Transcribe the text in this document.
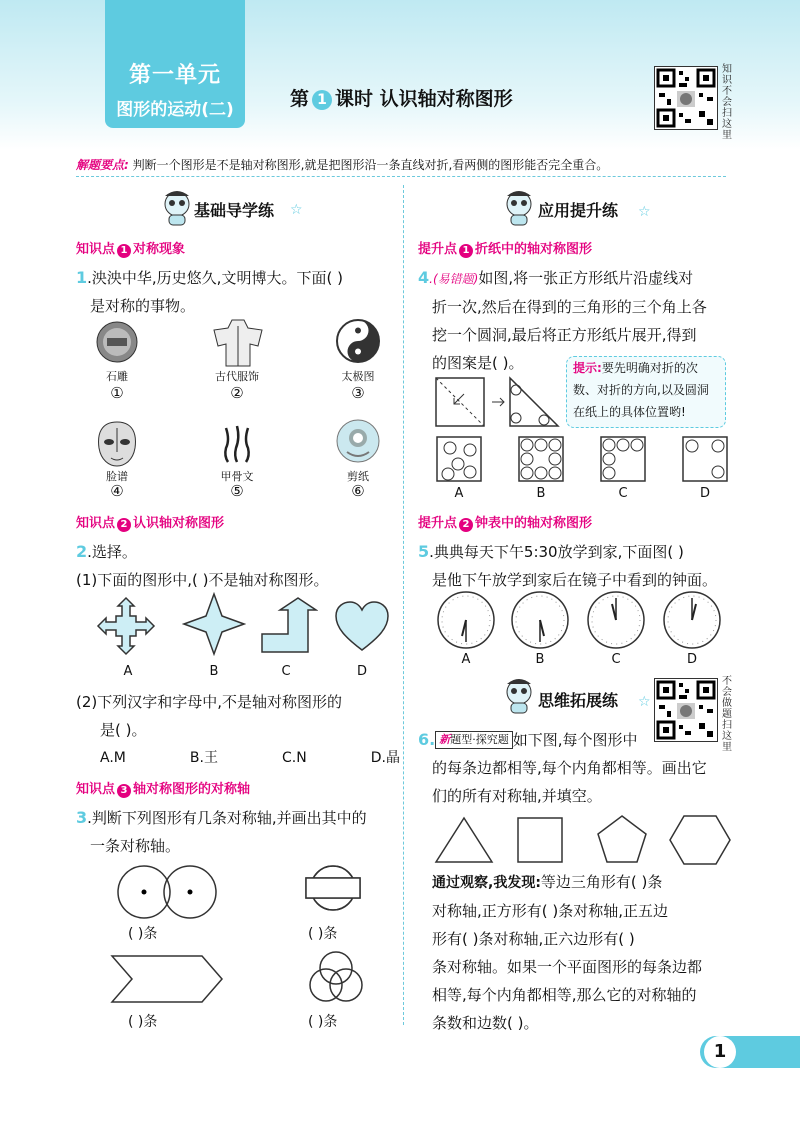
第一单元
图形的运动(二)	第 1 课时 认识轴对称图形
知识不会扫这里
解题要点: 判断一个图形是不是轴对称图形,就是把图形沿一条直线对折,看两侧的图形能否完全重合。
基础导学练 ☆
知识点 1 对称现象
1.泱泱中华,历史悠久,文明博大。下面( )
是对称的事物。
石雕	古代服饰	太极图
①	②	③
脸谱	甲骨文	剪纸
④	⑤	⑥
知识点 2 认识轴对称图形
2.选择。
(1)下面的图形中,( )不是轴对称图形。
A	B	C	D
(2)下列汉字和字母中,不是轴对称图形的
是( )。
A.M	B.王	C.N	D.晶
知识点 3 轴对称图形的对称轴
3.判断下列图形有几条对称轴,并画出其中的
一条对称轴。
( )条	( )条
( )条	( )条
应用提升练 ☆
提升点 1 折纸中的轴对称图形
4.(易错题)如图,将一张正方形纸片沿虚线对
折一次,然后在得到的三角形的三个角上各
挖一个圆洞,最后将正方形纸片展开,得到
的图案是( )。	提示:要先明确对折的次数、对折的方向,以及圆洞在纸上的具体位置哟!
A	B	C	D
提升点 2 钟表中的轴对称图形
5.典典每天下午5:30放学到家,下面图( )
是他下午放学到家后在镜子中看到的钟面。
A	B	C	D
思维拓展练 ☆
不会做题扫这里
6. 新题型·探究题 如下图,每个图形中
的每条边都相等,每个内角都相等。画出它
们的所有对称轴,并填空。
通过观察,我发现:等边三角形有( )条
对称轴,正方形有( )条对称轴,正五边
形有( )条对称轴,正六边形有( )
条对称轴。如果一个平面图形的每条边都
相等,每个内角都相等,那么它的对称轴的
条数和边数( )。
1
